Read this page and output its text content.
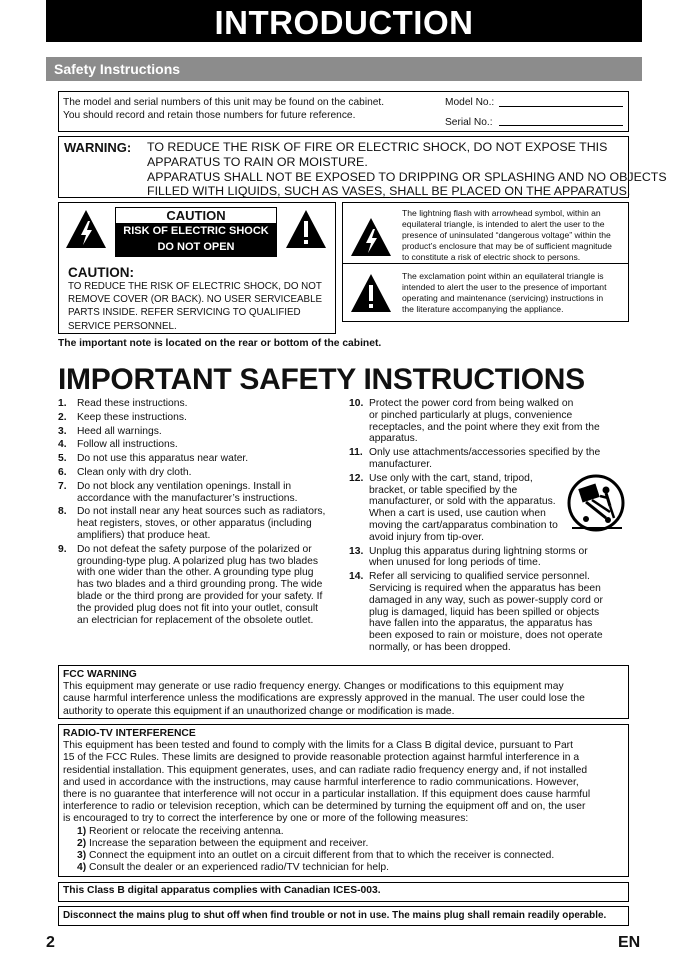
INTRODUCTION
Safety Instructions
The model and serial numbers of this unit may be found on the cabinet.
You should record and retain those numbers for future reference.
Model No.:
Serial No.:
WARNING: TO REDUCE THE RISK OF FIRE OR ELECTRIC SHOCK, DO NOT EXPOSE THIS
APPARATUS TO RAIN OR MOISTURE.
APPARATUS SHALL NOT BE EXPOSED TO DRIPPING OR SPLASHING AND NO OBJECTS
FILLED WITH LIQUIDS, SUCH AS VASES, SHALL BE PLACED ON THE APPARATUS.
CAUTION
RISK OF ELECTRIC SHOCK
DO NOT OPEN
CAUTION:
TO REDUCE THE RISK OF ELECTRIC SHOCK, DO NOT
REMOVE COVER (OR BACK). NO USER SERVICEABLE
PARTS INSIDE. REFER SERVICING TO QUALIFIED
SERVICE PERSONNEL.
The lightning flash with arrowhead symbol, within an
equilateral triangle, is intended to alert the user to the
presence of uninsulated “dangerous voltage” within the
product’s enclosure that may be of sufficient magnitude
to constitute a risk of electric shock to persons.
The exclamation point within an equilateral triangle is
intended to alert the user to the presence of important
operating and maintenance (servicing) instructions in
the literature accompanying the appliance.
The important note is located on the rear or bottom of the cabinet.
IMPORTANT SAFETY INSTRUCTIONS
1. Read these instructions.
2. Keep these instructions.
3. Heed all warnings.
4. Follow all instructions.
5. Do not use this apparatus near water.
6. Clean only with dry cloth.
7. Do not block any ventilation openings. Install in
accordance with the manufacturer’s instructions.
8. Do not install near any heat sources such as radiators,
heat registers, stoves, or other apparatus (including
amplifiers) that produce heat.
9. Do not defeat the safety purpose of the polarized or
grounding-type plug. A polarized plug has two blades
with one wider than the other. A grounding type plug
has two blades and a third grounding prong. The wide
blade or the third prong are provided for your safety. If
the provided plug does not fit into your outlet, consult
an electrician for replacement of the obsolete outlet.
10. Protect the power cord from being walked on
or pinched particularly at plugs, convenience
receptacles, and the point where they exit from the
apparatus.
11. Only use attachments/accessories specified by the
manufacturer.
12. Use only with the cart, stand, tripod,
bracket, or table specified by the
manufacturer, or sold with the apparatus.
When a cart is used, use caution when
moving the cart/apparatus combination to
avoid injury from tip-over.
13. Unplug this apparatus during lightning storms or
when unused for long periods of time.
14. Refer all servicing to qualified service personnel.
Servicing is required when the apparatus has been
damaged in any way, such as power-supply cord or
plug is damaged, liquid has been spilled or objects
have fallen into the apparatus, the apparatus has
been exposed to rain or moisture, does not operate
normally, or has been dropped.
FCC WARNING
This equipment may generate or use radio frequency energy. Changes or modifications to this equipment may
cause harmful interference unless the modifications are expressly approved in the manual. The user could lose the
authority to operate this equipment if an unauthorized change or modification is made.
RADIO-TV INTERFERENCE
This equipment has been tested and found to comply with the limits for a Class B digital device, pursuant to Part
15 of the FCC Rules. These limits are designed to provide reasonable protection against harmful interference in a
residential installation. This equipment generates, uses, and can radiate radio frequency energy and, if not installed
and used in accordance with the instructions, may cause harmful interference to radio communications. However,
there is no guarantee that interference will not occur in a particular installation. If this equipment does cause harmful
interference to radio or television reception, which can be determined by turning the equipment off and on, the user
is encouraged to try to correct the interference by one or more of the following measures:
1) Reorient or relocate the receiving antenna.
2) Increase the separation between the equipment and receiver.
3) Connect the equipment into an outlet on a circuit different from that to which the receiver is connected.
4) Consult the dealer or an experienced radio/TV technician for help.
This Class B digital apparatus complies with Canadian ICES-003.
Disconnect the mains plug to shut off when find trouble or not in use. The mains plug shall remain readily operable.
2	EN
